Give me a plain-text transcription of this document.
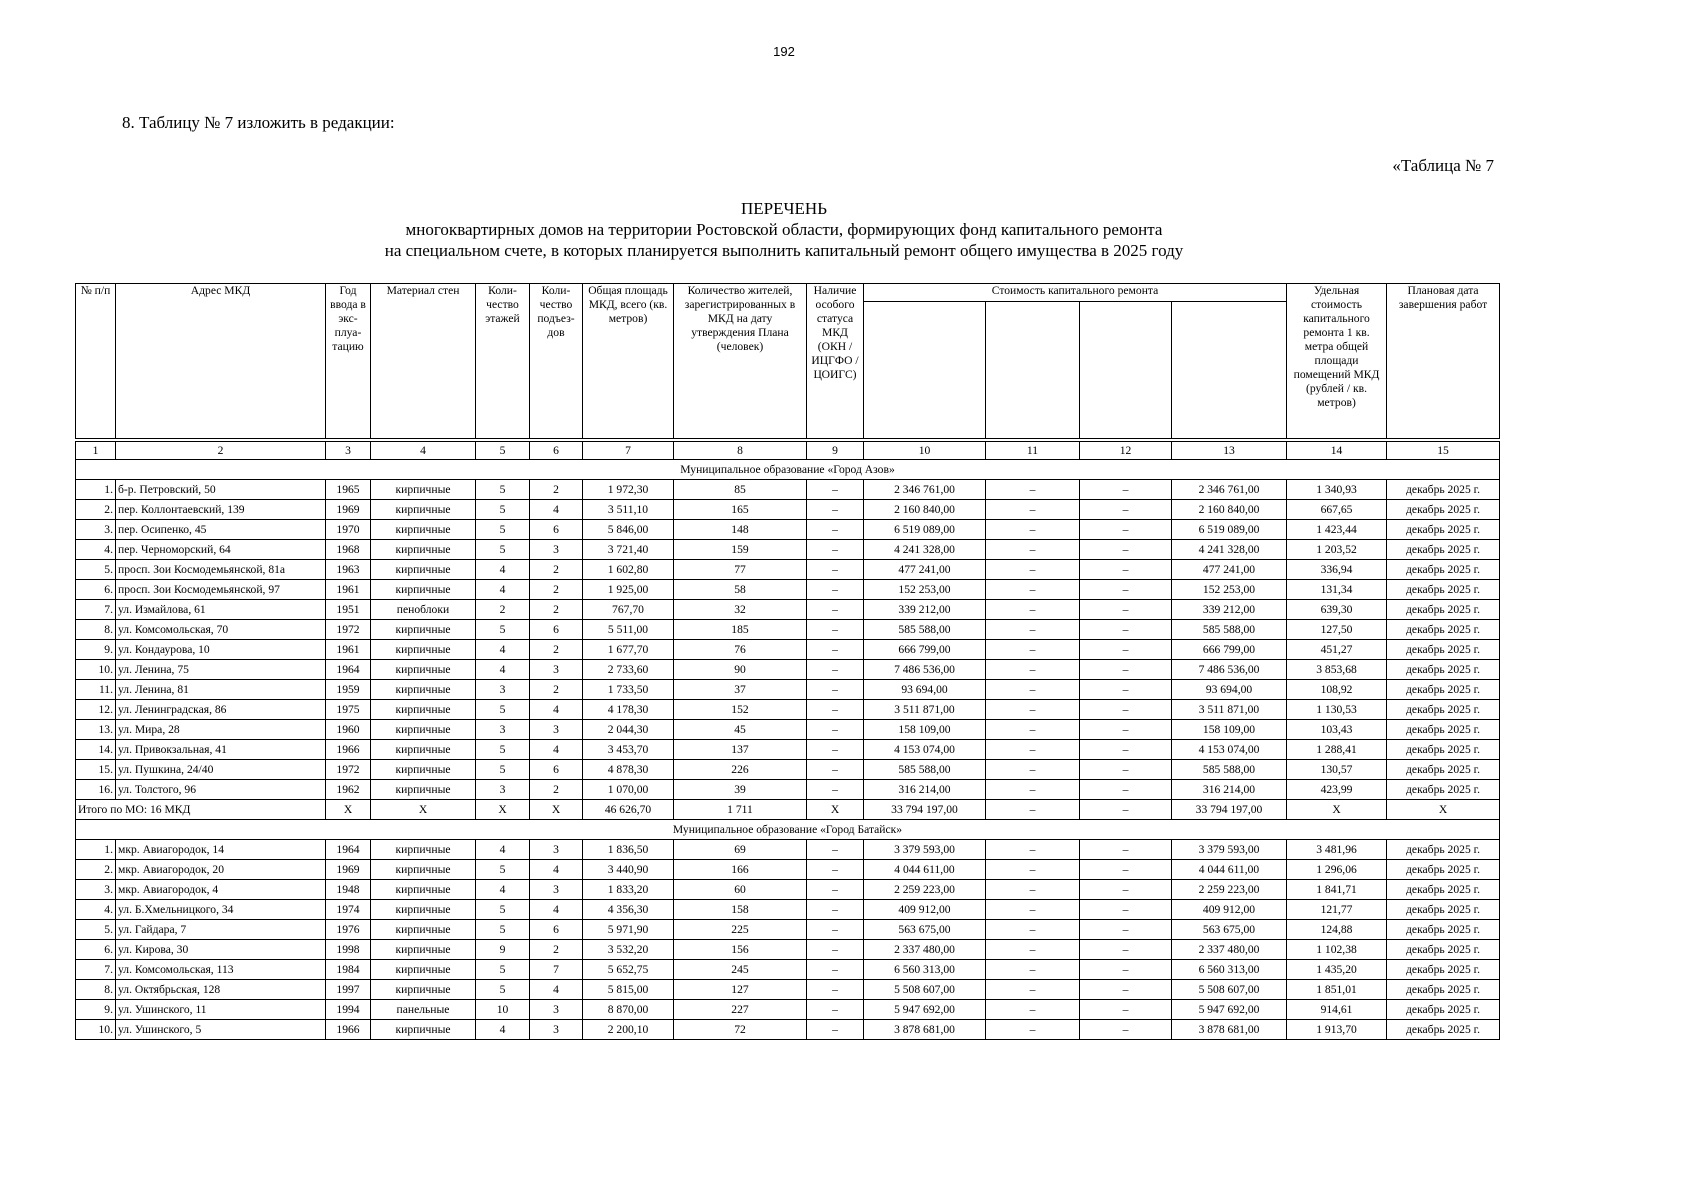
192
8. Таблицу № 7 изложить в редакции:
«Таблица № 7
ПЕРЕЧЕНЬ
многоквартирных домов на территории Ростовской области, формирующих фонд капитального ремонта
на специальном счете, в которых планируется выполнить капитальный ремонт общего имущества в 2025 году
№ п/п	Адрес МКД	Год ввода в экс-плуа-тацию	Материал стен	Коли-чество этажей	Коли-чество подъез-дов	Общая площадь МКД, всего (кв. метров)	Количество жителей, зарегистрированных в МКД на дату утверждения Плана (человек)	Наличие особого статуса МКД (ОКН / ИЦГФО / ЦОИГС)	Стоимость капитального ремонта				Удельная стоимость капитального ремонта 1 кв. метра общей площади помещений МКД (рублей / кв. метров)	Плановая дата завершения работ

1	2	3	4	5	6	7	8	9	10	11	12	13	14	15
Муниципальное образование «Город Азов»														
1.	б-р. Петровский, 50	1965	кирпичные	5	2	1 972,30	85	–	2 346 761,00	–	–	2 346 761,00	1 340,93	декабрь 2025 г.
2.	пер. Коллонтаевский, 139	1969	кирпичные	5	4	3 511,10	165	–	2 160 840,00	–	–	2 160 840,00	667,65	декабрь 2025 г.
3.	пер. Осипенко, 45	1970	кирпичные	5	6	5 846,00	148	–	6 519 089,00	–	–	6 519 089,00	1 423,44	декабрь 2025 г.
4.	пер. Черноморский, 64	1968	кирпичные	5	3	3 721,40	159	–	4 241 328,00	–	–	4 241 328,00	1 203,52	декабрь 2025 г.
5.	просп. Зои Космодемьянской, 81а	1963	кирпичные	4	2	1 602,80	77	–	477 241,00	–	–	477 241,00	336,94	декабрь 2025 г.
6.	просп. Зои Космодемьянской, 97	1961	кирпичные	4	2	1 925,00	58	–	152 253,00	–	–	152 253,00	131,34	декабрь 2025 г.
7.	ул. Измайлова, 61	1951	пеноблоки	2	2	767,70	32	–	339 212,00	–	–	339 212,00	639,30	декабрь 2025 г.
8.	ул. Комсомольская, 70	1972	кирпичные	5	6	5 511,00	185	–	585 588,00	–	–	585 588,00	127,50	декабрь 2025 г.
9.	ул. Кондаурова, 10	1961	кирпичные	4	2	1 677,70	76	–	666 799,00	–	–	666 799,00	451,27	декабрь 2025 г.
10.	ул. Ленина, 75	1964	кирпичные	4	3	2 733,60	90	–	7 486 536,00	–	–	7 486 536,00	3 853,68	декабрь 2025 г.
11.	ул. Ленина, 81	1959	кирпичные	3	2	1 733,50	37	–	93 694,00	–	–	93 694,00	108,92	декабрь 2025 г.
12.	ул. Ленинградская, 86	1975	кирпичные	5	4	4 178,30	152	–	3 511 871,00	–	–	3 511 871,00	1 130,53	декабрь 2025 г.
13.	ул. Мира, 28	1960	кирпичные	3	3	2 044,30	45	–	158 109,00	–	–	158 109,00	103,43	декабрь 2025 г.
14.	ул. Привокзальная, 41	1966	кирпичные	5	4	3 453,70	137	–	4 153 074,00	–	–	4 153 074,00	1 288,41	декабрь 2025 г.
15.	ул. Пушкина, 24/40	1972	кирпичные	5	6	4 878,30	226	–	585 588,00	–	–	585 588,00	130,57	декабрь 2025 г.
16.	ул. Толстого, 96	1962	кирпичные	3	2	1 070,00	39	–	316 214,00	–	–	316 214,00	423,99	декабрь 2025 г.
Итого по МО: 16 МКД		X	X	X	X	46 626,70	1 711	X	33 794 197,00	–	–	33 794 197,00	X	X
Муниципальное образование «Город Батайск»														
1.	мкр. Авиагородок, 14	1964	кирпичные	4	3	1 836,50	69	–	3 379 593,00	–	–	3 379 593,00	3 481,96	декабрь 2025 г.
2.	мкр. Авиагородок, 20	1969	кирпичные	5	4	3 440,90	166	–	4 044 611,00	–	–	4 044 611,00	1 296,06	декабрь 2025 г.
3.	мкр. Авиагородок, 4	1948	кирпичные	4	3	1 833,20	60	–	2 259 223,00	–	–	2 259 223,00	1 841,71	декабрь 2025 г.
4.	ул. Б.Хмельницкого, 34	1974	кирпичные	5	4	4 356,30	158	–	409 912,00	–	–	409 912,00	121,77	декабрь 2025 г.
5.	ул. Гайдара, 7	1976	кирпичные	5	6	5 971,90	225	–	563 675,00	–	–	563 675,00	124,88	декабрь 2025 г.
6.	ул. Кирова, 30	1998	кирпичные	9	2	3 532,20	156	–	2 337 480,00	–	–	2 337 480,00	1 102,38	декабрь 2025 г.
7.	ул. Комсомольская, 113	1984	кирпичные	5	7	5 652,75	245	–	6 560 313,00	–	–	6 560 313,00	1 435,20	декабрь 2025 г.
8.	ул. Октябрьская, 128	1997	кирпичные	5	4	5 815,00	127	–	5 508 607,00	–	–	5 508 607,00	1 851,01	декабрь 2025 г.
9.	ул. Ушинского, 11	1994	панельные	10	3	8 870,00	227	–	5 947 692,00	–	–	5 947 692,00	914,61	декабрь 2025 г.
10.	ул. Ушинского, 5	1966	кирпичные	4	3	2 200,10	72	–	3 878 681,00	–	–	3 878 681,00	1 913,70	декабрь 2025 г.
